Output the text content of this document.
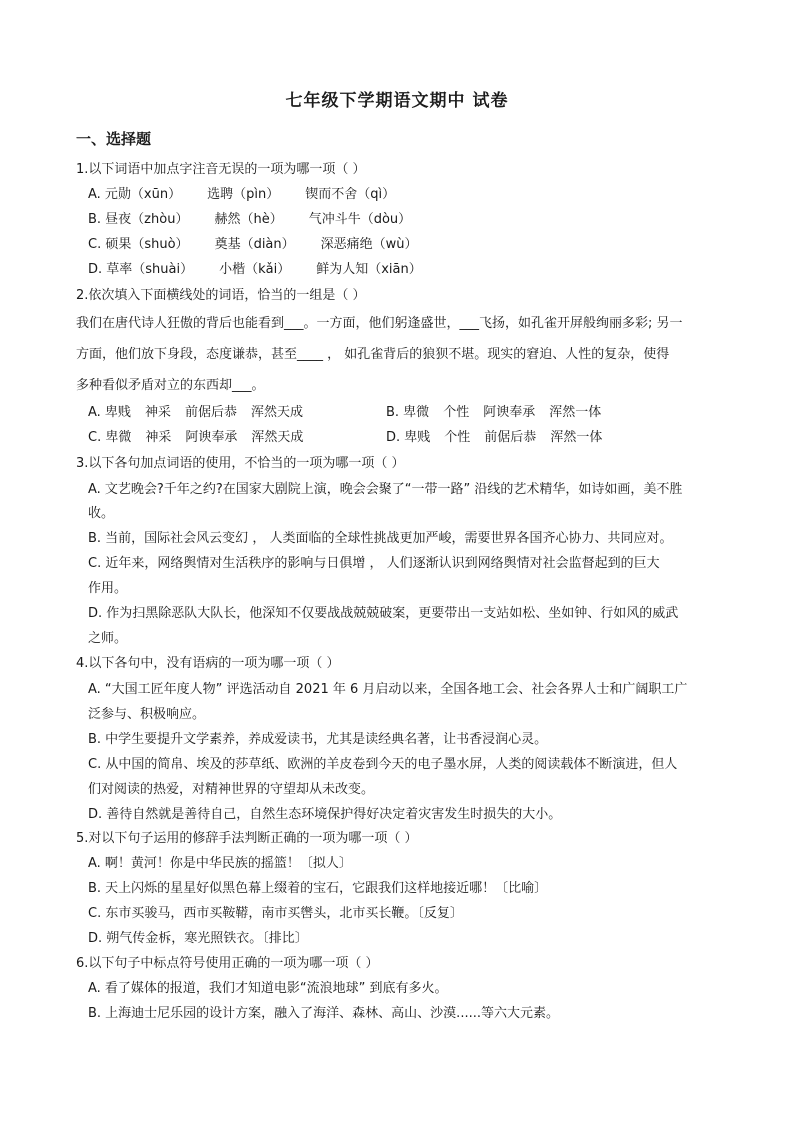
七年级下学期语文期中 试卷
一、选择题
1.以下词语中加点字注音无误的一项为哪一项（ ）
A. 元勋（xūn） 选聘（pìn） 锲而不舍（qì）
B. 昼夜（zhòu） 赫然（hè） 气冲斗牛（dòu）
C. 硕果（shuò） 奠基（diàn） 深恶痛绝（wù）
D. 草率（shuài） 小楷（kǎi） 鲜为人知（xiān）
2.依次填入下面横线处的词语，恰当的一组是（ ）
我们在唐代诗人狂傲的背后也能看到___。一方面，他们躬逢盛世，___飞扬，如孔雀开屏般绚丽多彩; 另一
方面，他们放下身段，态度谦恭，甚至____ ， 如孔雀背后的狼狈不堪。现实的窘迫、人性的复杂，使得
多种看似矛盾对立的东西却___。
A. 卑贱 神采 前倨后恭 浑然天成	B. 卑微 个性 阿谀奉承 浑然一体
C. 卑微 神采 阿谀奉承 浑然天成	D. 卑贱 个性 前倨后恭 浑然一体
3.以下各句加点词语的使用，不恰当的一项为哪一项（ ）
A. 文艺晚会?千年之约?在国家大剧院上演，晚会会聚了“一带一路” 沿线的艺术精华，如诗如画，美不胜
收。
B. 当前，国际社会风云变幻 ， 人类面临的全球性挑战更加严峻，需要世界各国齐心协力、共同应对。
C. 近年来，网络舆情对生活秩序的影响与日俱增 ， 人们逐渐认识到网络舆情对社会监督起到的巨大
作用。
D. 作为扫黑除恶队大队长，他深知不仅要战战兢兢破案，更要带出一支站如松、坐如钟、行如风的威武
之师。
4.以下各句中，没有语病的一项为哪一项（ ）
A. “大国工匠年度人物” 评选活动自 2021 年 6 月启动以来，全国各地工会、社会各界人士和广阔职工广
泛参与、积极响应。
B. 中学生要提升文学素养，养成爱读书，尤其是读经典名著，让书香浸润心灵。
C. 从中国的简帛、埃及的莎草纸、欧洲的羊皮卷到今天的电子墨水屏，人类的阅读载体不断演进，但人
们对阅读的热爱，对精神世界的守望却从未改变。
D. 善待自然就是善待自己，自然生态环境保护得好决定着灾害发生时损失的大小。
5.对以下句子运用的修辞手法判断正确的一项为哪一项（ ）
A. 啊！黄河！你是中华民族的摇篮！〔拟人〕
B. 天上闪烁的星星好似黑色幕上缀着的宝石，它跟我们这样地接近哪！〔比喻〕
C. 东市买骏马，西市买鞍鞯，南市买辔头，北市买长鞭。〔反复〕
D. 朔气传金柝，寒光照铁衣。〔排比〕
6.以下句子中标点符号使用正确的一项为哪一项（ ）
A. 看了媒体的报道，我们才知道电影“流浪地球” 到底有多火。
B. 上海迪士尼乐园的设计方案，融入了海洋、森林、高山、沙漠......等六大元素。
